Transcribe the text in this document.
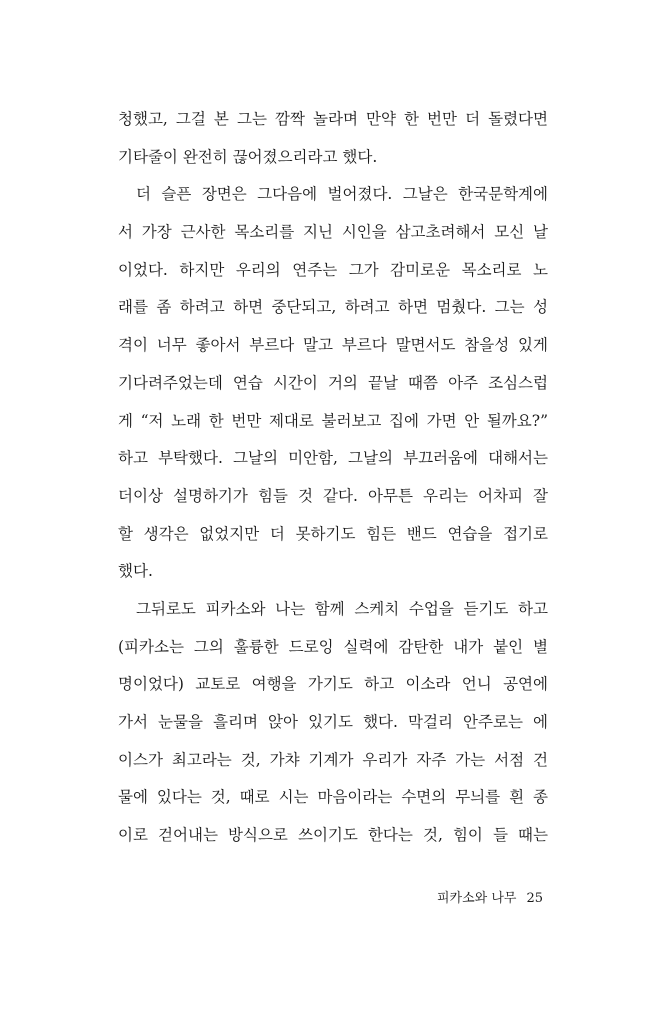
청했고, 그걸 본 그는 깜짝 놀라며 만약 한 번만 더 돌렸다면
기타줄이 완전히 끊어졌으리라고 했다.
더 슬픈 장면은 그다음에 벌어졌다. 그날은 한국문학계에
서 가장 근사한 목소리를 지닌 시인을 삼고초려해서 모신 날
이었다. 하지만 우리의 연주는 그가 감미로운 목소리로 노
래를 좀 하려고 하면 중단되고, 하려고 하면 멈췄다. 그는 성
격이 너무 좋아서 부르다 말고 부르다 말면서도 참을성 있게
기다려주었는데 연습 시간이 거의 끝날 때쯤 아주 조심스럽
게 “저 노래 한 번만 제대로 불러보고 집에 가면 안 될까요?”
하고 부탁했다. 그날의 미안함, 그날의 부끄러움에 대해서는
더이상 설명하기가 힘들 것 같다. 아무튼 우리는 어차피 잘
할 생각은 없었지만 더 못하기도 힘든 밴드 연습을 접기로
했다.
그뒤로도 피카소와 나는 함께 스케치 수업을 듣기도 하고
(피카소는 그의 훌륭한 드로잉 실력에 감탄한 내가 붙인 별
명이었다) 교토로 여행을 가기도 하고 이소라 언니 공연에
가서 눈물을 흘리며 앉아 있기도 했다. 막걸리 안주로는 에
이스가 최고라는 것, 가챠 기계가 우리가 자주 가는 서점 건
물에 있다는 것, 때로 시는 마음이라는 수면의 무늬를 흰 종
이로 걷어내는 방식으로 쓰이기도 한다는 것, 힘이 들 때는
피카소와 나무 25
